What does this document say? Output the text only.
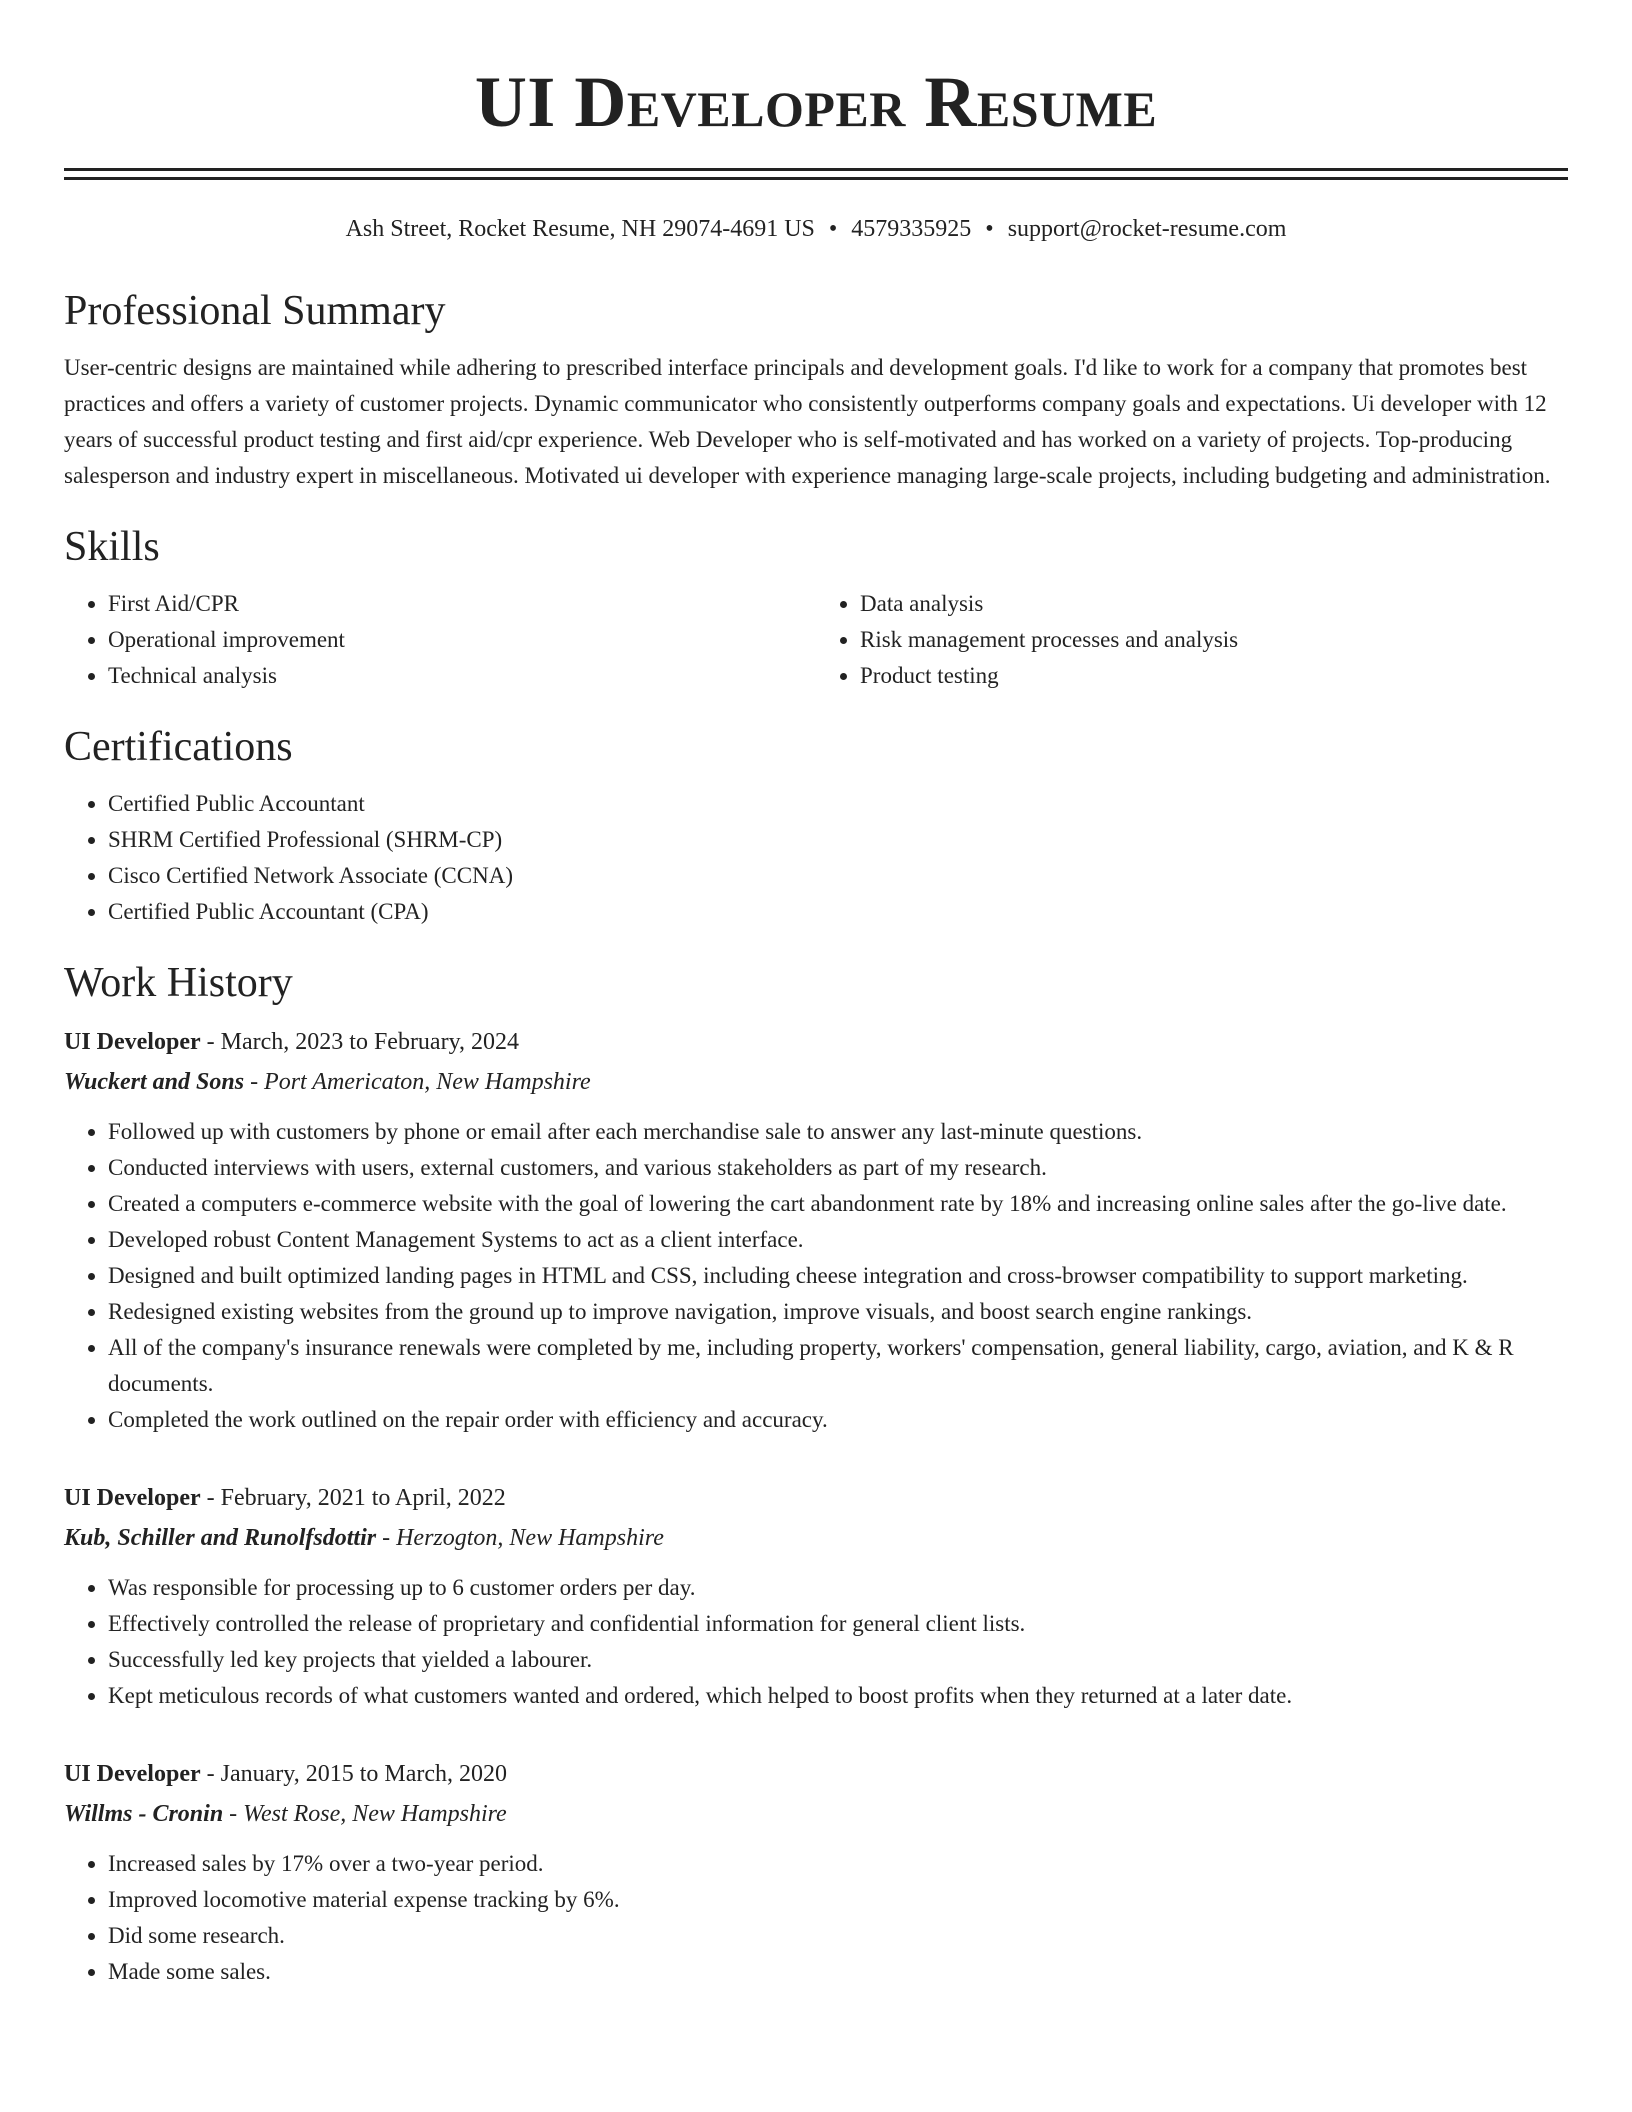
UI Developer Resume
Ash Street, Rocket Resume, NH 29074-4691 US • 4579335925 • support@rocket-resume.com
Professional Summary

User-centric designs are maintained while adhering to prescribed interface principals and development goals. I'd like to work for a company that promotes best practices and offers a variety of customer projects. Dynamic communicator who consistently outperforms company goals and expectations. Ui developer with 12 years of successful product testing and first aid/cpr experience. Web Developer who is self-motivated and has worked on a variety of projects. Top-producing salesperson and industry expert in miscellaneous. Motivated ui developer with experience managing large-scale projects, including budgeting and administration.

Skills
• First Aid/CPR
• Operational improvement
• Technical analysis
• Data analysis
• Risk management processes and analysis
• Product testing
Certifications
• Certified Public Accountant
• SHRM Certified Professional (SHRM-CP)
• Cisco Certified Network Associate (CCNA)
• Certified Public Accountant (CPA)
Work History
UI Developer - March, 2023 to February, 2024
Wuckert and Sons - Port Americaton, New Hampshire
• Followed up with customers by phone or email after each merchandise sale to answer any last-minute questions.
• Conducted interviews with users, external customers, and various stakeholders as part of my research.
• Created a computers e-commerce website with the goal of lowering the cart abandonment rate by 18% and increasing online sales after the go-live date.
• Developed robust Content Management Systems to act as a client interface.
• Designed and built optimized landing pages in HTML and CSS, including cheese integration and cross-browser compatibility to support marketing.
• Redesigned existing websites from the ground up to improve navigation, improve visuals, and boost search engine rankings.
• All of the company's insurance renewals were completed by me, including property, workers' compensation, general liability, cargo, aviation, and K & R documents.
• Completed the work outlined on the repair order with efficiency and accuracy.
UI Developer - February, 2021 to April, 2022
Kub, Schiller and Runolfsdottir - Herzogton, New Hampshire
• Was responsible for processing up to 6 customer orders per day.
• Effectively controlled the release of proprietary and confidential information for general client lists.
• Successfully led key projects that yielded a labourer.
• Kept meticulous records of what customers wanted and ordered, which helped to boost profits when they returned at a later date.
UI Developer - January, 2015 to March, 2020
Willms - Cronin - West Rose, New Hampshire
• Increased sales by 17% over a two-year period.
• Improved locomotive material expense tracking by 6%.
• Did some research.
• Made some sales.
